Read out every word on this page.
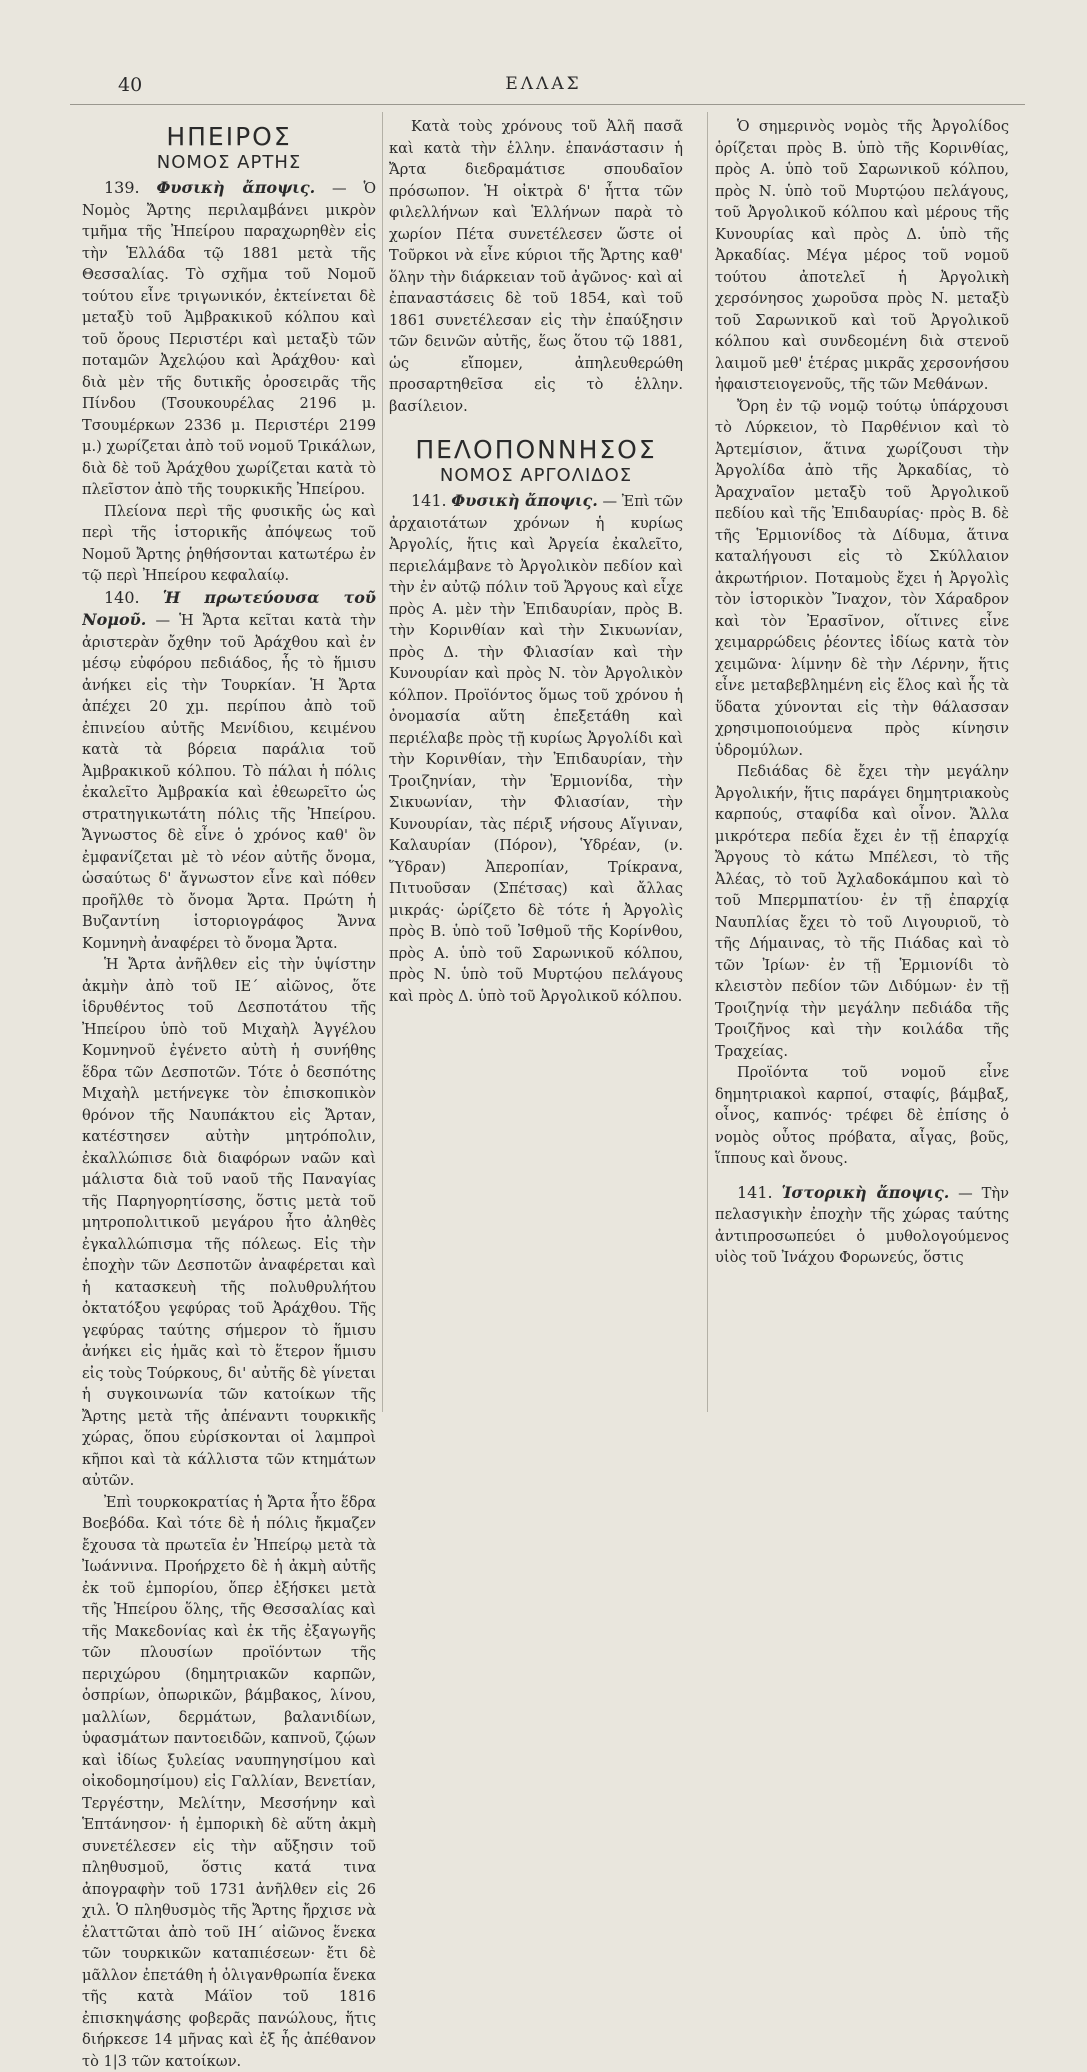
40	ΕΛΛΑΣ
ΗΠΕΙΡΟΣ
ΝΟΜΟΣ ΑΡΤΗΣ

139. Φυσικὴ ἄποψις. — Ὁ Νομὸς Ἄρτης περιλαμβάνει μικρὸν τμῆμα τῆς Ἠπείρου παραχωρηθὲν εἰς τὴν Ἑλλάδα τῷ 1881 μετὰ τῆς Θεσσαλίας. Τὸ σχῆμα τοῦ Νομοῦ τούτου εἶνε τριγωνικόν, ἐκτείνεται δὲ μεταξὺ τοῦ Ἀμβρακικοῦ κόλπου καὶ τοῦ ὄρους Περιστέρι καὶ μεταξὺ τῶν ποταμῶν Ἀχελῴου καὶ Ἀράχθου· καὶ διὰ μὲν τῆς δυτικῆς ὀροσειρᾶς τῆς Πίνδου (Τσουκουρέλας 2196 μ. Τσουμέρκων 2336 μ. Περιστέρι 2199 μ.) χωρίζεται ἀπὸ τοῦ νομοῦ Τρικάλων, διὰ δὲ τοῦ Ἀράχθου χωρίζεται κατὰ τὸ πλεῖστον ἀπὸ τῆς τουρκικῆς Ἠπείρου.

Πλείονα περὶ τῆς φυσικῆς ὡς καὶ περὶ τῆς ἱστορικῆς ἀπόψεως τοῦ Νομοῦ Ἄρτης ῥηθήσονται κατωτέρω ἐν τῷ περὶ Ἠπείρου κεφαλαίῳ.

140. Ἡ πρωτεύουσα τοῦ Νομοῦ. — Ἡ Ἄρτα κεῖται κατὰ τὴν ἀριστερὰν ὄχθην τοῦ Ἀράχθου καὶ ἐν μέσῳ εὐφόρου πεδιάδος, ἧς τὸ ἥμισυ ἀνήκει εἰς τὴν Τουρκίαν. Ἡ Ἄρτα ἀπέχει 20 χμ. περίπου ἀπὸ τοῦ ἐπινείου αὐτῆς Μενίδιου, κειμένου κατὰ τὰ βόρεια παράλια τοῦ Ἀμβρακικοῦ κόλπου. Τὸ πάλαι ἡ πόλις ἐκαλεῖτο Ἀμβρακία καὶ ἐθεωρεῖτο ὡς στρατηγικωτάτη πόλις τῆς Ἠπείρου. Ἄγνωστος δὲ εἶνε ὁ χρόνος καθ' ὃν ἐμφανίζεται μὲ τὸ νέον αὐτῆς ὄνομα, ὡσαύτως δ' ἄγνωστον εἶνε καὶ πόθεν προῆλθε τὸ ὄνομα Ἄρτα. Πρώτη ἡ Βυζαντίνη ἱστοριογράφος Ἄννα Κομνηνὴ ἀναφέρει τὸ ὄνομα Ἄρτα.

Ἡ Ἄρτα ἀνῆλθεν εἰς τὴν ὑψίστην ἀκμὴν ἀπὸ τοῦ ΙΕ΄ αἰῶνος, ὅτε ἱδρυθέντος τοῦ Δεσποτάτου τῆς Ἠπείρου ὑπὸ τοῦ Μιχαὴλ Ἀγγέλου Κομνηνοῦ ἐγένετο αὐτὴ ἡ συνήθης ἕδρα τῶν Δεσποτῶν. Τότε ὁ δεσπότης Μιχαὴλ μετήνεγκε τὸν ἐπισκοπικὸν θρόνον τῆς Ναυπάκτου εἰς Ἄρταν, κατέστησεν αὐτὴν μητρόπολιν, ἐκαλλώπισε διὰ διαφόρων ναῶν καὶ μάλιστα διὰ τοῦ ναοῦ τῆς Παναγίας τῆς Παρηγορητίσσης, ὅστις μετὰ τοῦ μητροπολιτικοῦ μεγάρου ἦτο ἀληθὲς ἐγκαλλώπισμα τῆς πόλεως. Εἰς τὴν ἐποχὴν τῶν Δεσποτῶν ἀναφέρεται καὶ ἡ κατασκευὴ τῆς πολυθρυλήτου ὀκτατόξου γεφύρας τοῦ Ἀράχθου. Τῆς γεφύρας ταύτης σήμερον τὸ ἥμισυ ἀνήκει εἰς ἡμᾶς καὶ τὸ ἕτερον ἥμισυ εἰς τοὺς Τούρκους, δι' αὐτῆς δὲ γίνεται ἡ συγκοινωνία τῶν κατοίκων τῆς Ἄρτης μετὰ τῆς ἀπέναντι τουρκικῆς χώρας, ὅπου εὑρίσκονται οἱ λαμπροὶ κῆποι καὶ τὰ κάλλιστα τῶν κτημάτων αὐτῶν.

Ἐπὶ τουρκοκρατίας ἡ Ἄρτα ἦτο ἕδρα Βοεβόδα. Καὶ τότε δὲ ἡ πόλις ἤκμαζεν ἔχουσα τὰ πρωτεῖα ἐν Ἠπείρῳ μετὰ τὰ Ἰωάννινα. Προήρχετο δὲ ἡ ἀκμὴ αὐτῆς ἐκ τοῦ ἐμπορίου, ὅπερ ἐξήσκει μετὰ τῆς Ἠπείρου ὅλης, τῆς Θεσσαλίας καὶ τῆς Μακεδονίας καὶ ἐκ τῆς ἐξαγωγῆς τῶν πλουσίων προϊόντων τῆς περιχώρου (δημητριακῶν καρπῶν, ὀσπρίων, ὀπωρικῶν, βάμβακος, λίνου, μαλλίων, δερμάτων, βαλανιδίων, ὑφασμάτων παντοειδῶν, καπνοῦ, ζῴων καὶ ἰδίως ξυλείας ναυπηγησίμου καὶ οἰκοδομησίμου) εἰς Γαλλίαν, Βενετίαν, Τεργέστην, Μελίτην, Μεσσήνην καὶ Ἑπτάνησον· ἡ ἐμπορικὴ δὲ αὕτη ἀκμὴ συνετέλεσεν εἰς τὴν αὔξησιν τοῦ πληθυσμοῦ, ὅστις κατά τινα ἀπογραφὴν τοῦ 1731 ἀνῆλθεν εἰς 26 χιλ. Ὁ πληθυσμὸς τῆς Ἄρτης ἤρχισε νὰ ἐλαττῶται ἀπὸ τοῦ ΙΗ΄ αἰῶνος ἕνεκα τῶν τουρκικῶν καταπιέσεων· ἔτι δὲ μᾶλλον ἐπετάθη ἡ ὀλιγανθρωπία ἕνεκα τῆς κατὰ Μάϊον τοῦ 1816 ἐπισκηψάσης φοβερᾶς πανώλους, ἥτις διήρκεσε 14 μῆνας καὶ ἐξ ἧς ἀπέθανον τὸ 1|3 τῶν κατοίκων.

Κατὰ τοὺς χρόνους τοῦ Ἀλῆ πασᾶ καὶ κατὰ τὴν ἑλλην. ἐπανάστασιν ἡ Ἄρτα διεδραμάτισε σπουδαῖον πρόσωπον. Ἡ οἰκτρὰ δ' ἧττα τῶν φιλελλήνων καὶ Ἑλλήνων παρὰ τὸ χωρίον Πέτα συνετέλεσεν ὥστε οἱ Τοῦρκοι νὰ εἶνε κύριοι τῆς Ἄρτης καθ' ὅλην τὴν διάρκειαν τοῦ ἀγῶνος· καὶ αἱ ἐπαναστάσεις δὲ τοῦ 1854, καὶ τοῦ 1861 συνετέλεσαν εἰς τὴν ἐπαύξησιν τῶν δεινῶν αὐτῆς, ἕως ὅτου τῷ 1881, ὡς εἴπομεν, ἀπηλευθερώθη προσαρτηθεῖσα εἰς τὸ ἑλλην. βασίλειον.

ΠΕΛΟΠΟΝΝΗΣΟΣ
ΝΟΜΟΣ ΑΡΓΟΛΙΔΟΣ

141. Φυσικὴ ἄποψις. — Ἐπὶ τῶν ἀρχαιοτάτων χρόνων ἡ κυρίως Ἀργολίς, ἥτις καὶ Ἀργεία ἐκαλεῖτο, περιελάμβανε τὸ Ἀργολικὸν πεδίον καὶ τὴν ἐν αὐτῷ πόλιν τοῦ Ἄργους καὶ εἶχε πρὸς Α. μὲν τὴν Ἐπιδαυρίαν, πρὸς Β. τὴν Κορινθίαν καὶ τὴν Σικυωνίαν, πρὸς Δ. τὴν Φλιασίαν καὶ τὴν Κυνουρίαν καὶ πρὸς Ν. τὸν Ἀργολικὸν κόλπον. Προϊόντος ὅμως τοῦ χρόνου ἡ ὀνομασία αὕτη ἐπεξετάθη καὶ περιέλαβε πρὸς τῇ κυρίως Ἀργολίδι καὶ τὴν Κορινθίαν, τὴν Ἐπιδαυρίαν, τὴν Τροιζηνίαν, τὴν Ἑρμιονίδα, τὴν Σικυωνίαν, τὴν Φλιασίαν, τὴν Κυνουρίαν, τὰς πέριξ νήσους Αἴγιναν, Καλαυρίαν (Πόρον), Ὑδρέαν, (ν. Ὕδραν) Ἀπεροπίαν, Τρίκρανα, Πιτυοῦσαν (Σπέτσας) καὶ ἄλλας μικράς· ὡρίζετο δὲ τότε ἡ Ἀργολὶς πρὸς Β. ὑπὸ τοῦ Ἰσθμοῦ τῆς Κορίνθου, πρὸς Α. ὑπὸ τοῦ Σαρωνικοῦ κόλπου, πρὸς Ν. ὑπὸ τοῦ Μυρτῴου πελάγους καὶ πρὸς Δ. ὑπὸ τοῦ Ἀργολικοῦ κόλπου.

Ὁ σημερινὸς νομὸς τῆς Ἀργολίδος ὁρίζεται πρὸς Β. ὑπὸ τῆς Κορινθίας, πρὸς Α. ὑπὸ τοῦ Σαρωνικοῦ κόλπου, πρὸς Ν. ὑπὸ τοῦ Μυρτῴου πελάγους, τοῦ Ἀργολικοῦ κόλπου καὶ μέρους τῆς Κυνουρίας καὶ πρὸς Δ. ὑπὸ τῆς Ἀρκαδίας. Μέγα μέρος τοῦ νομοῦ τούτου ἀποτελεῖ ἡ Ἀργολικὴ χερσόνησος χωροῦσα πρὸς Ν. μεταξὺ τοῦ Σαρωνικοῦ καὶ τοῦ Ἀργολικοῦ κόλπου καὶ συνδεομένη διὰ στενοῦ λαιμοῦ μεθ' ἑτέρας μικρᾶς χερσονήσου ἠφαιστειογενοῦς, τῆς τῶν Μεθάνων.

Ὄρη ἐν τῷ νομῷ τούτῳ ὑπάρχουσι τὸ Λύρκειον, τὸ Παρθένιον καὶ τὸ Ἀρτεμίσιον, ἅτινα χωρίζουσι τὴν Ἀργολίδα ἀπὸ τῆς Ἀρκαδίας, τὸ Ἀραχναῖον μεταξὺ τοῦ Ἀργολικοῦ πεδίου καὶ τῆς Ἐπιδαυρίας· πρὸς Β. δὲ τῆς Ἑρμιονίδος τὰ Δίδυμα, ἅτινα καταλήγουσι εἰς τὸ Σκύλλαιον ἀκρωτήριον. Ποταμοὺς ἔχει ἡ Ἀργολὶς τὸν ἱστορικὸν Ἴναχον, τὸν Χάραδρον καὶ τὸν Ἐρασῖνον, οἵτινες εἶνε χειμαρρώδεις ῥέοντες ἰδίως κατὰ τὸν χειμῶνα· λίμνην δὲ τὴν Λέρνην, ἥτις εἶνε μεταβεβλημένη εἰς ἕλος καὶ ἧς τὰ ὕδατα χύνονται εἰς τὴν θάλασσαν χρησιμοποιούμενα πρὸς κίνησιν ὑδρομύλων.

Πεδιάδας δὲ ἔχει τὴν μεγάλην Ἀργολικήν, ἥτις παράγει δημητριακοὺς καρπούς, σταφίδα καὶ οἶνον. Ἄλλα μικρότερα πεδία ἔχει ἐν τῇ ἐπαρχίᾳ Ἄργους τὸ κάτω Μπέλεσι, τὸ τῆς Ἀλέας, τὸ τοῦ Ἀχλαδοκάμπου καὶ τὸ τοῦ Μπερμπατίου· ἐν τῇ ἐπαρχίᾳ Ναυπλίας ἔχει τὸ τοῦ Λιγουριοῦ, τὸ τῆς Δήμαινας, τὸ τῆς Πιάδας καὶ τὸ τῶν Ἰρίων· ἐν τῇ Ἑρμιονίδι τὸ κλειστὸν πεδίον τῶν Διδύμων· ἐν τῇ Τροιζηνίᾳ τὴν μεγάλην πεδιάδα τῆς Τροιζῆνος καὶ τὴν κοιλάδα τῆς Τραχείας.

Προϊόντα τοῦ νομοῦ εἶνε δημητριακοὶ καρποί, σταφίς, βάμβαξ, οἶνος, καπνός· τρέφει δὲ ἐπίσης ὁ νομὸς οὗτος πρόβατα, αἶγας, βοῦς, ἵππους καὶ ὄνους.

141. Ἱστορικὴ ἄποψις. — Τὴν πελασγικὴν ἐποχὴν τῆς χώρας ταύτης ἀντιπροσωπεύει ὁ μυθολογούμενος υἱὸς τοῦ Ἰνάχου Φορωνεύς, ὅστις
